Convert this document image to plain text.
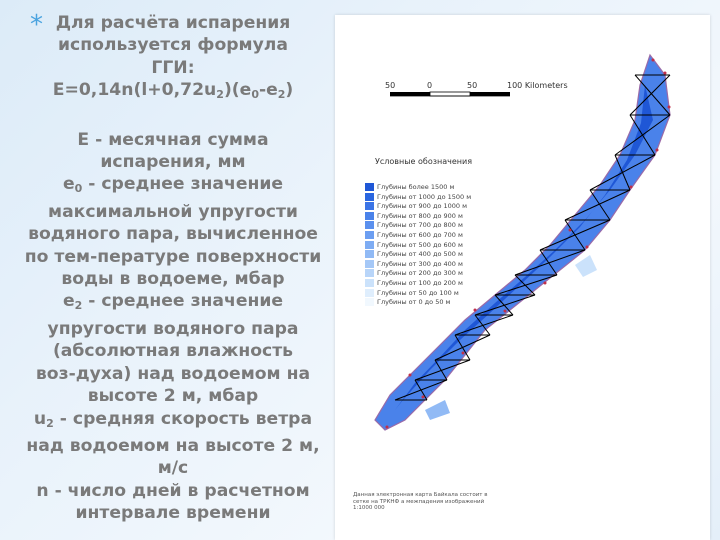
* Для расчёта испарения

используется формула

ГГИ:

$E=0,14n(l+0,72u_2)(e_0-e_2)$

E - месячная сумма

испарения, мм

$e_0$ - среднее значение

максимальной упругости

водяного пара, вычисленное

по тем-пературе поверхности

воды в водоеме, мбар

$e_2$ - среднее значение

упругости водяного пара

(абсолютная влажность

воз-духа) над водоемом на

высоте 2 м, мбар

$u_2$ - средняя скорость ветра

над водоемом на высоте 2 м,

м/с

n - число дней в расчетном

интервале времени

50	0	50	100 Kilometers
Условные обозначения
Глубины более 1500 м
Глубины от 1000 до 1500 м
Глубины от 900 до 1000 м
Глубины от 800 до 900 м
Глубины от 700 до 800 м
Глубины от 600 до 700 м
Глубины от 500 до 600 м
Глубины от 400 до 500 м
Глубины от 300 до 400 м
Глубины от 200 до 300 м
Глубины от 100 до 200 м
Глубины от 50 до 100 м
Глубины от 0 до 50 м
Данная электронная карта Байкала состоит в сетке на ТРКНФ а межпадения изображений 1:1000 000
